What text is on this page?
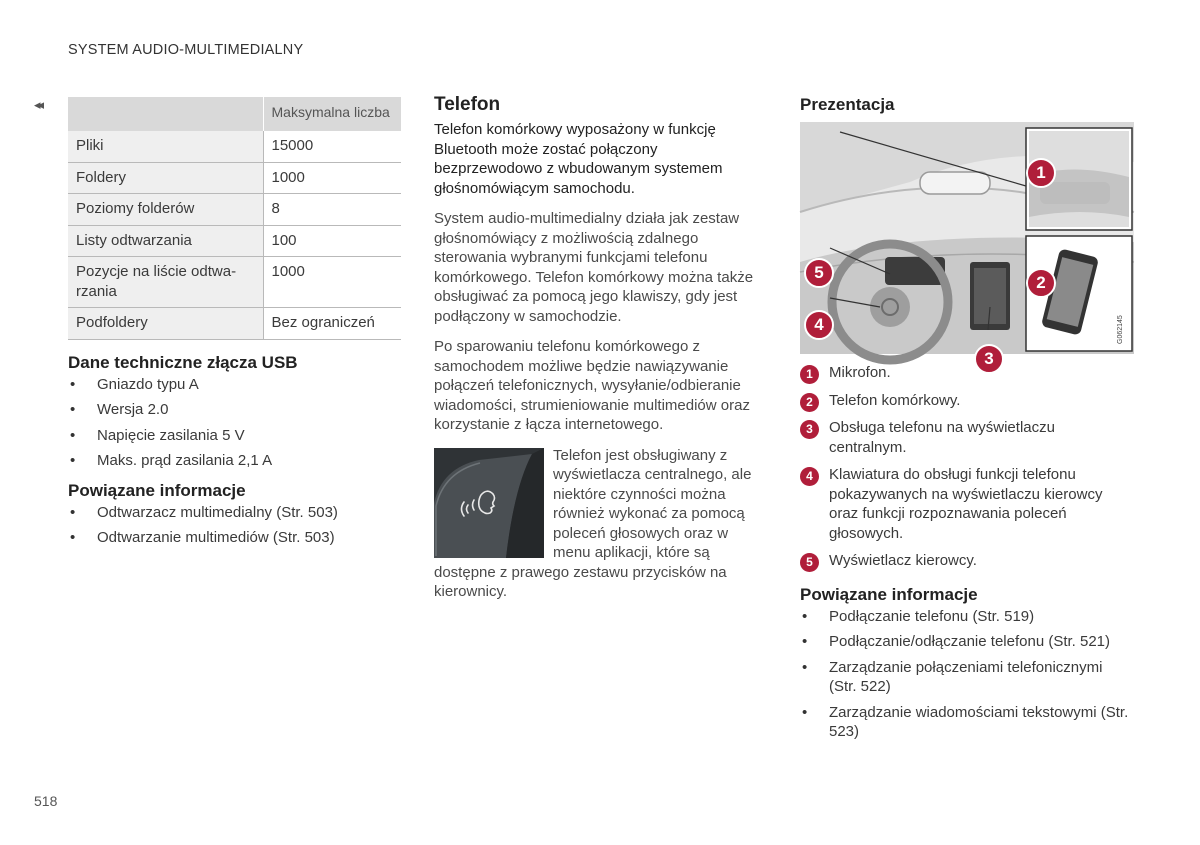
SYSTEM AUDIO-MULTIMEDIALNY
◂◂
		Maksymalna liczba
Pliki	15000
Foldery	1000
Poziomy folderów	8
Listy odtwarzania	100
Pozycje na liście odtwa-
rzania	1000
Podfoldery	Bez ograniczeń
Dane techniczne złącza USB
• Gniazdo typu A
• Wersja 2.0
• Napięcie zasilania 5 V
• Maks. prąd zasilania 2,1 A
Powiązane informacje
• Odtwarzacz multimedialny (Str. 503)
• Odtwarzanie multimediów (Str. 503)
Telefon

Telefon komórkowy wyposażony w funkcję Bluetooth może zostać połączony bezprzewodowo z wbudowanym systemem głośnomówiącym samochodu.

System audio-multimedialny działa jak zestaw głośnomówiący z możliwością zdalnego sterowania wybranymi funkcjami telefonu komórkowego. Telefon komórkowy można także obsługiwać za pomocą jego klawiszy, gdy jest podłączony w samochodzie.

Po sparowaniu telefonu komórkowego z samochodem możliwe będzie nawiązywanie połączeń telefonicznych, wysyłanie/odbieranie wiadomości, strumieniowanie multimediów oraz korzystanie z łącza internetowego.

Telefon jest obsługiwany z wyświetlacza centralnego, ale niektóre czynności można również wykonać za pomocą poleceń głosowych oraz w menu aplikacji, które są dostępne z prawego zestawu przycisków na kierownicy.

Prezentacja
G062145
1
2
3
4
5
1	Mikrofon.
2	Telefon komórkowy.
3	Obsługa telefonu na wyświetlaczu centralnym.
4	Klawiatura do obsługi funkcji telefonu pokazywanych na wyświetlaczu kierowcy oraz funkcji rozpoznawania poleceń głosowych.
5	Wyświetlacz kierowcy.
Powiązane informacje
• Podłączanie telefonu (Str. 519)
• Podłączanie/odłączanie telefonu (Str. 521)
• Zarządzanie połączeniami telefonicznymi (Str. 522)
• Zarządzanie wiadomościami tekstowymi (Str. 523)
518
